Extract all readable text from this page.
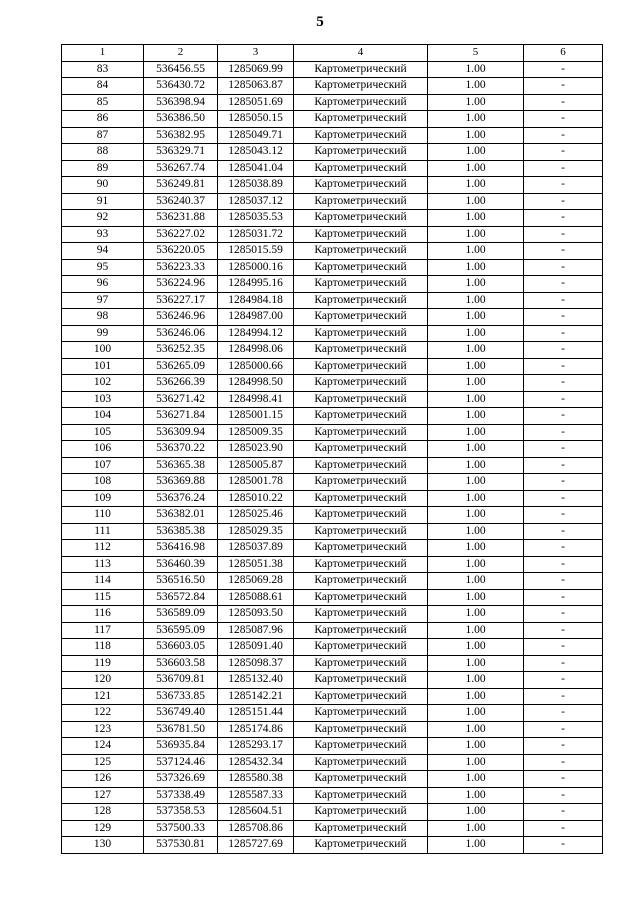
5
1	2	3	4	5	6
83	536456.55	1285069.99	Картометрический	1.00	-
84	536430.72	1285063.87	Картометрический	1.00	-
85	536398.94	1285051.69	Картометрический	1.00	-
86	536386.50	1285050.15	Картометрический	1.00	-
87	536382.95	1285049.71	Картометрический	1.00	-
88	536329.71	1285043.12	Картометрический	1.00	-
89	536267.74	1285041.04	Картометрический	1.00	-
90	536249.81	1285038.89	Картометрический	1.00	-
91	536240.37	1285037.12	Картометрический	1.00	-
92	536231.88	1285035.53	Картометрический	1.00	-
93	536227.02	1285031.72	Картометрический	1.00	-
94	536220.05	1285015.59	Картометрический	1.00	-
95	536223.33	1285000.16	Картометрический	1.00	-
96	536224.96	1284995.16	Картометрический	1.00	-
97	536227.17	1284984.18	Картометрический	1.00	-
98	536246.96	1284987.00	Картометрический	1.00	-
99	536246.06	1284994.12	Картометрический	1.00	-
100	536252.35	1284998.06	Картометрический	1.00	-
101	536265.09	1285000.66	Картометрический	1.00	-
102	536266.39	1284998.50	Картометрический	1.00	-
103	536271.42	1284998.41	Картометрический	1.00	-
104	536271.84	1285001.15	Картометрический	1.00	-
105	536309.94	1285009.35	Картометрический	1.00	-
106	536370.22	1285023.90	Картометрический	1.00	-
107	536365.38	1285005.87	Картометрический	1.00	-
108	536369.88	1285001.78	Картометрический	1.00	-
109	536376.24	1285010.22	Картометрический	1.00	-
110	536382.01	1285025.46	Картометрический	1.00	-
111	536385.38	1285029.35	Картометрический	1.00	-
112	536416.98	1285037.89	Картометрический	1.00	-
113	536460.39	1285051.38	Картометрический	1.00	-
114	536516.50	1285069.28	Картометрический	1.00	-
115	536572.84	1285088.61	Картометрический	1.00	-
116	536589.09	1285093.50	Картометрический	1.00	-
117	536595.09	1285087.96	Картометрический	1.00	-
118	536603.05	1285091.40	Картометрический	1.00	-
119	536603.58	1285098.37	Картометрический	1.00	-
120	536709.81	1285132.40	Картометрический	1.00	-
121	536733.85	1285142.21	Картометрический	1.00	-
122	536749.40	1285151.44	Картометрический	1.00	-
123	536781.50	1285174.86	Картометрический	1.00	-
124	536935.84	1285293.17	Картометрический	1.00	-
125	537124.46	1285432.34	Картометрический	1.00	-
126	537326.69	1285580.38	Картометрический	1.00	-
127	537338.49	1285587.33	Картометрический	1.00	-
128	537358.53	1285604.51	Картометрический	1.00	-
129	537500.33	1285708.86	Картометрический	1.00	-
130	537530.81	1285727.69	Картометрический	1.00	-
